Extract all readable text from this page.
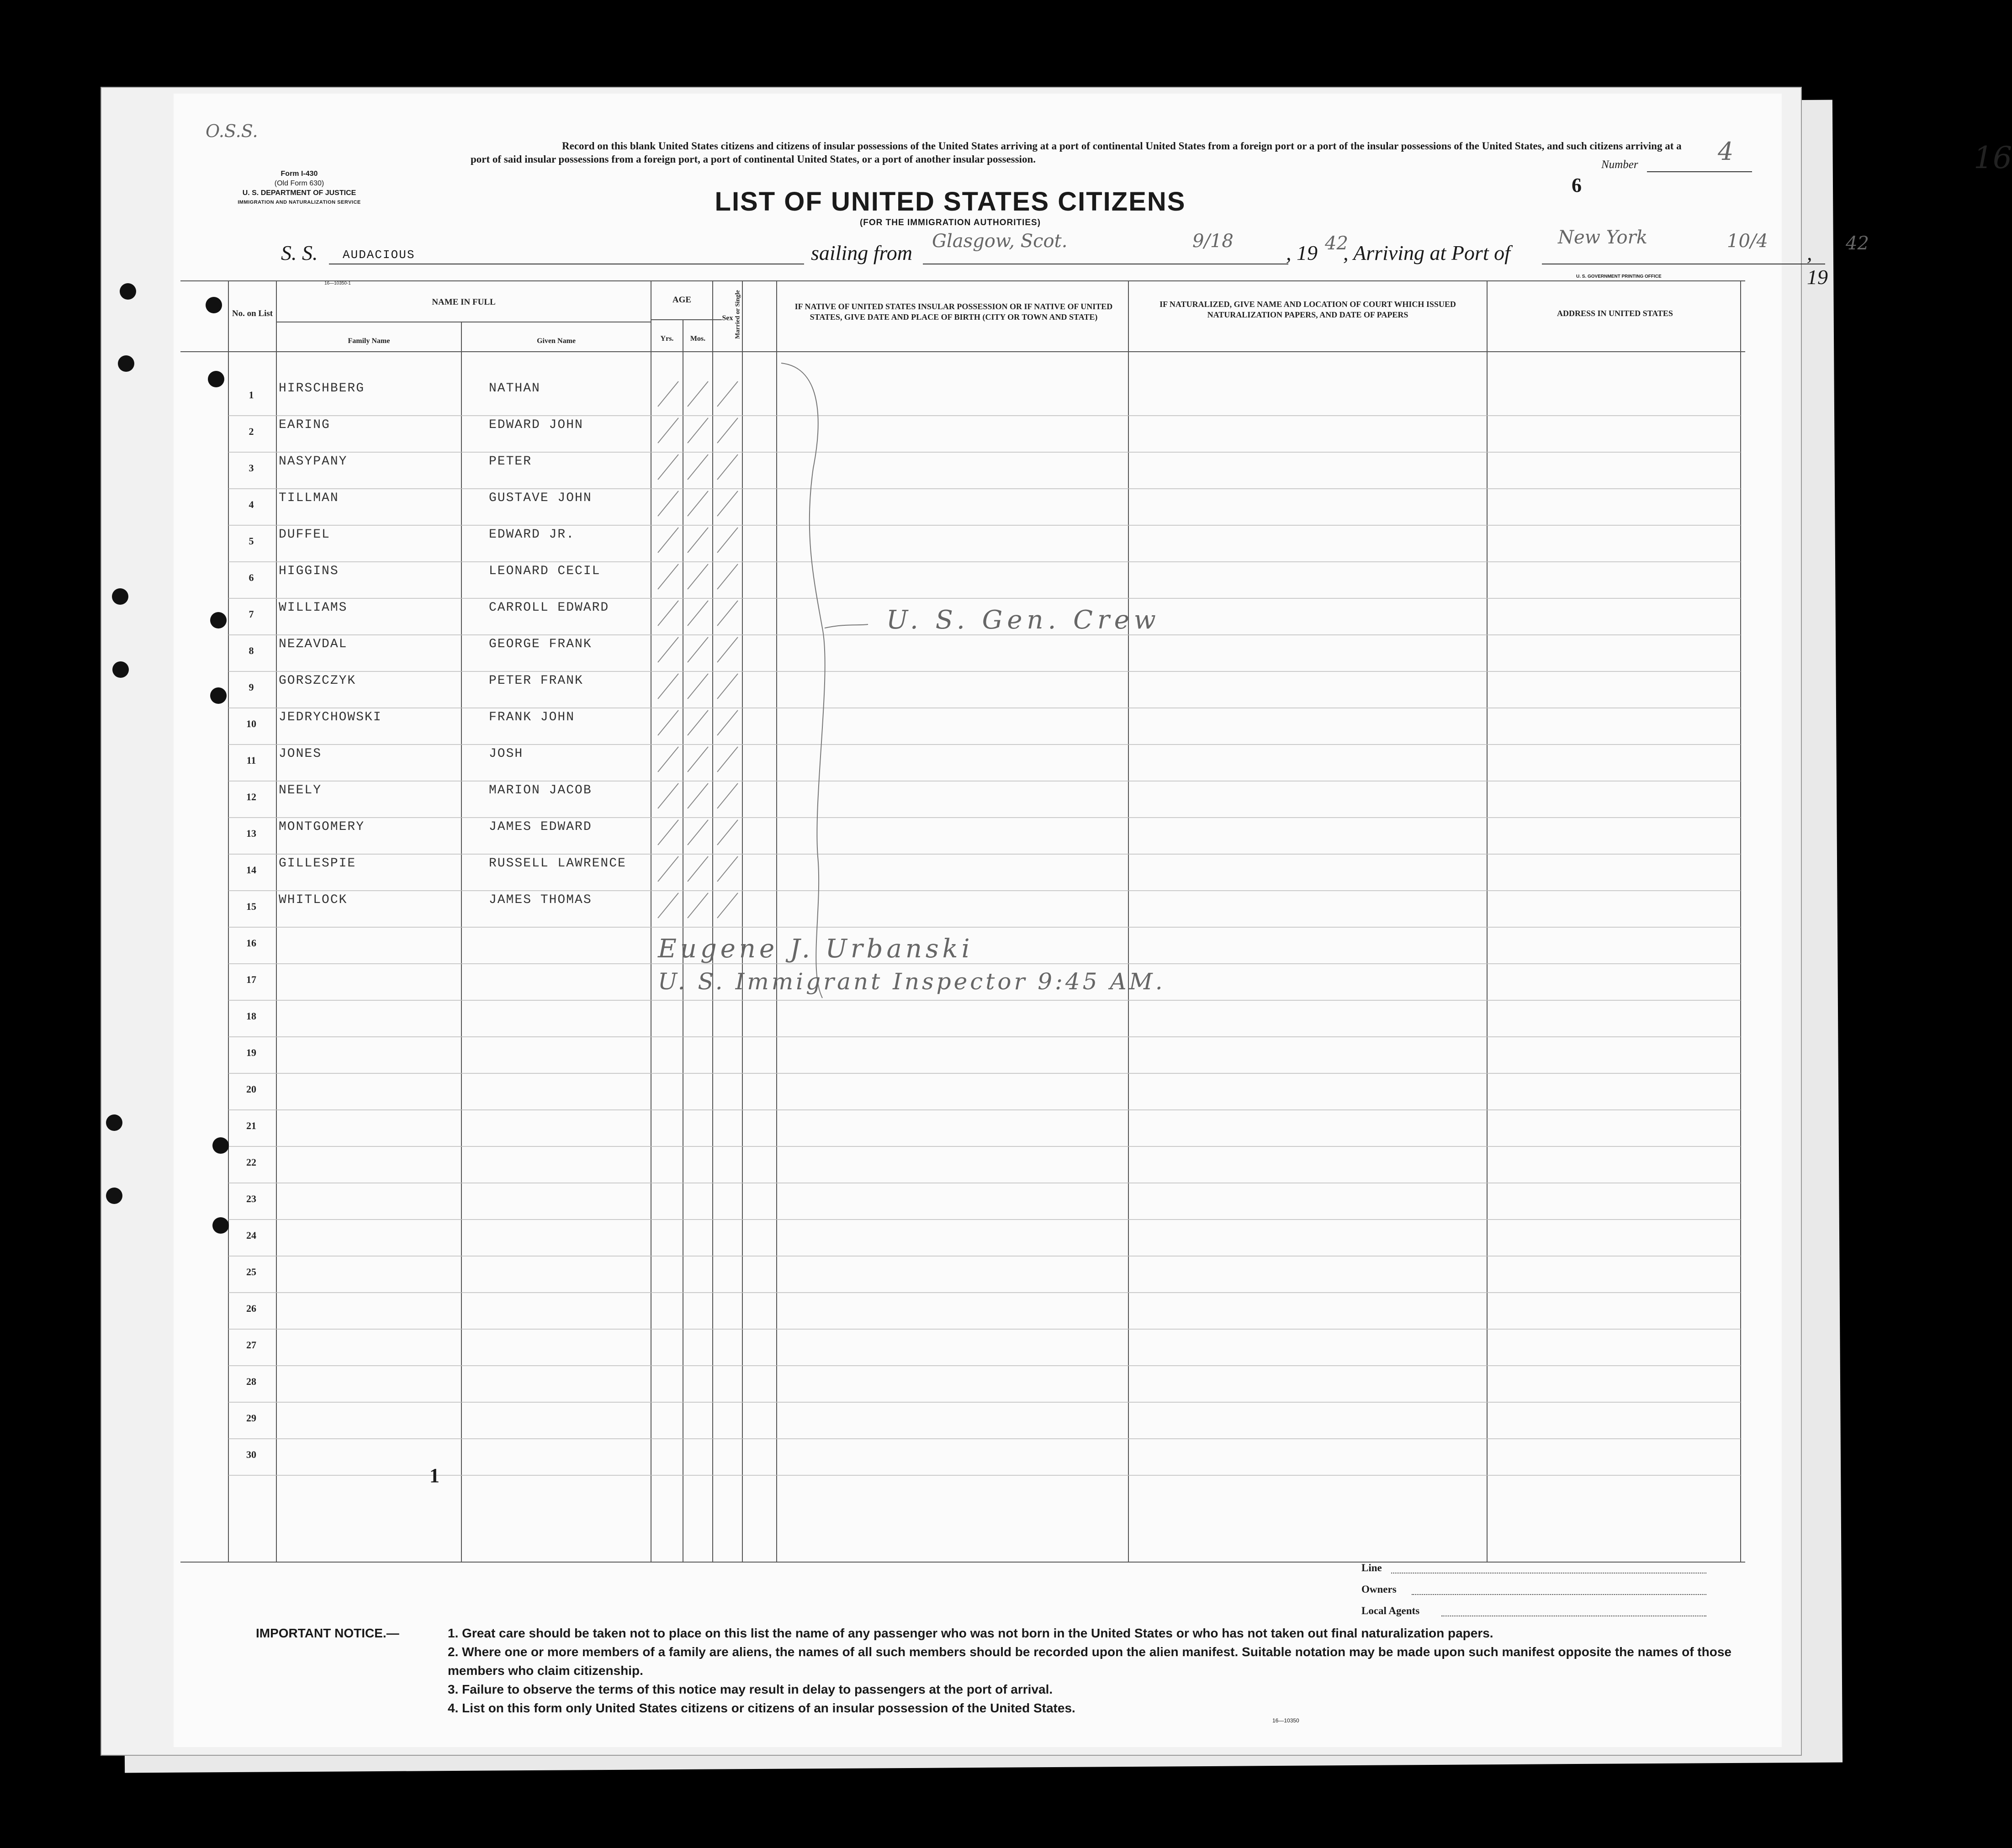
O.S.S.
Form I-430
(Old Form 630)
U. S. DEPARTMENT OF JUSTICE
IMMIGRATION AND NATURALIZATION SERVICE
Record on this blank United States citizens and citizens of insular possessions of the United States arriving at a port of continental United States from a foreign port or a port of the insular possessions of the United States, and such citizens arriving at a port of said insular possessions from a foreign port, a port of continental United States, or a port of another insular possession.
LIST OF UNITED STATES CITIZENS
(FOR THE IMMIGRATION AUTHORITIES)
Number	4
6
16
S. S. AUDACIOUS	sailing from Glasgow, Scot.	9/18	, 19 42
, Arriving at Port of
New York	10/4 , 19
42
U. S. GOVERNMENT PRINTING OFFICE
16—10350-1
No. on List
NAME IN FULL
Family Name	Given Name
AGE
Yrs.	Mos.
Sex Married or Single	IF NATIVE OF UNITED STATES INSULAR POSSESSION OR IF NATIVE OF UNITED STATES, GIVE DATE AND PLACE OF BIRTH (CITY OR TOWN AND STATE)
IF NATURALIZED, GIVE NAME AND LOCATION OF COURT WHICH ISSUED NATURALIZATION PAPERS, AND DATE OF PAPERS	ADDRESS IN UNITED STATES
1	HIRSCHBERG	NATHAN
2	EARING	EDWARD JOHN
3	NASYPANY	PETER
4	TILLMAN	GUSTAVE JOHN
5	DUFFEL	EDWARD JR.
6	HIGGINS	LEONARD CECIL
7	WILLIAMS	CARROLL EDWARD
8	NEZAVDAL	GEORGE FRANK
9	GORSZCZYK	PETER FRANK
10	JEDRYCHOWSKI	FRANK JOHN
11	JONES	JOSH
12	NEELY	MARION JACOB
13	MONTGOMERY	JAMES EDWARD
14	GILLESPIE	RUSSELL LAWRENCE
15	WHITLOCK	JAMES THOMAS
16
17
18
19
20
21
22
23
24
25
26
27
28
29
30
U. S. Gen. Crew
Eugene J. Urbanski
U. S. Immigrant Inspector 9:45 AM.
1
Line
Owners
Local Agents
IMPORTANT NOTICE.—	1. Great care should be taken not to place on this list the name of any passenger who was not born in the United States or who has not taken out final naturalization papers.
2. Where one or more members of a family are aliens, the names of all such members should be recorded upon the alien manifest. Suitable notation may be made upon such manifest opposite the names of those members who claim citizenship.
3. Failure to observe the terms of this notice may result in delay to passengers at the port of arrival.
4. List on this form only United States citizens or citizens of an insular possession of the United States.
16—10350
